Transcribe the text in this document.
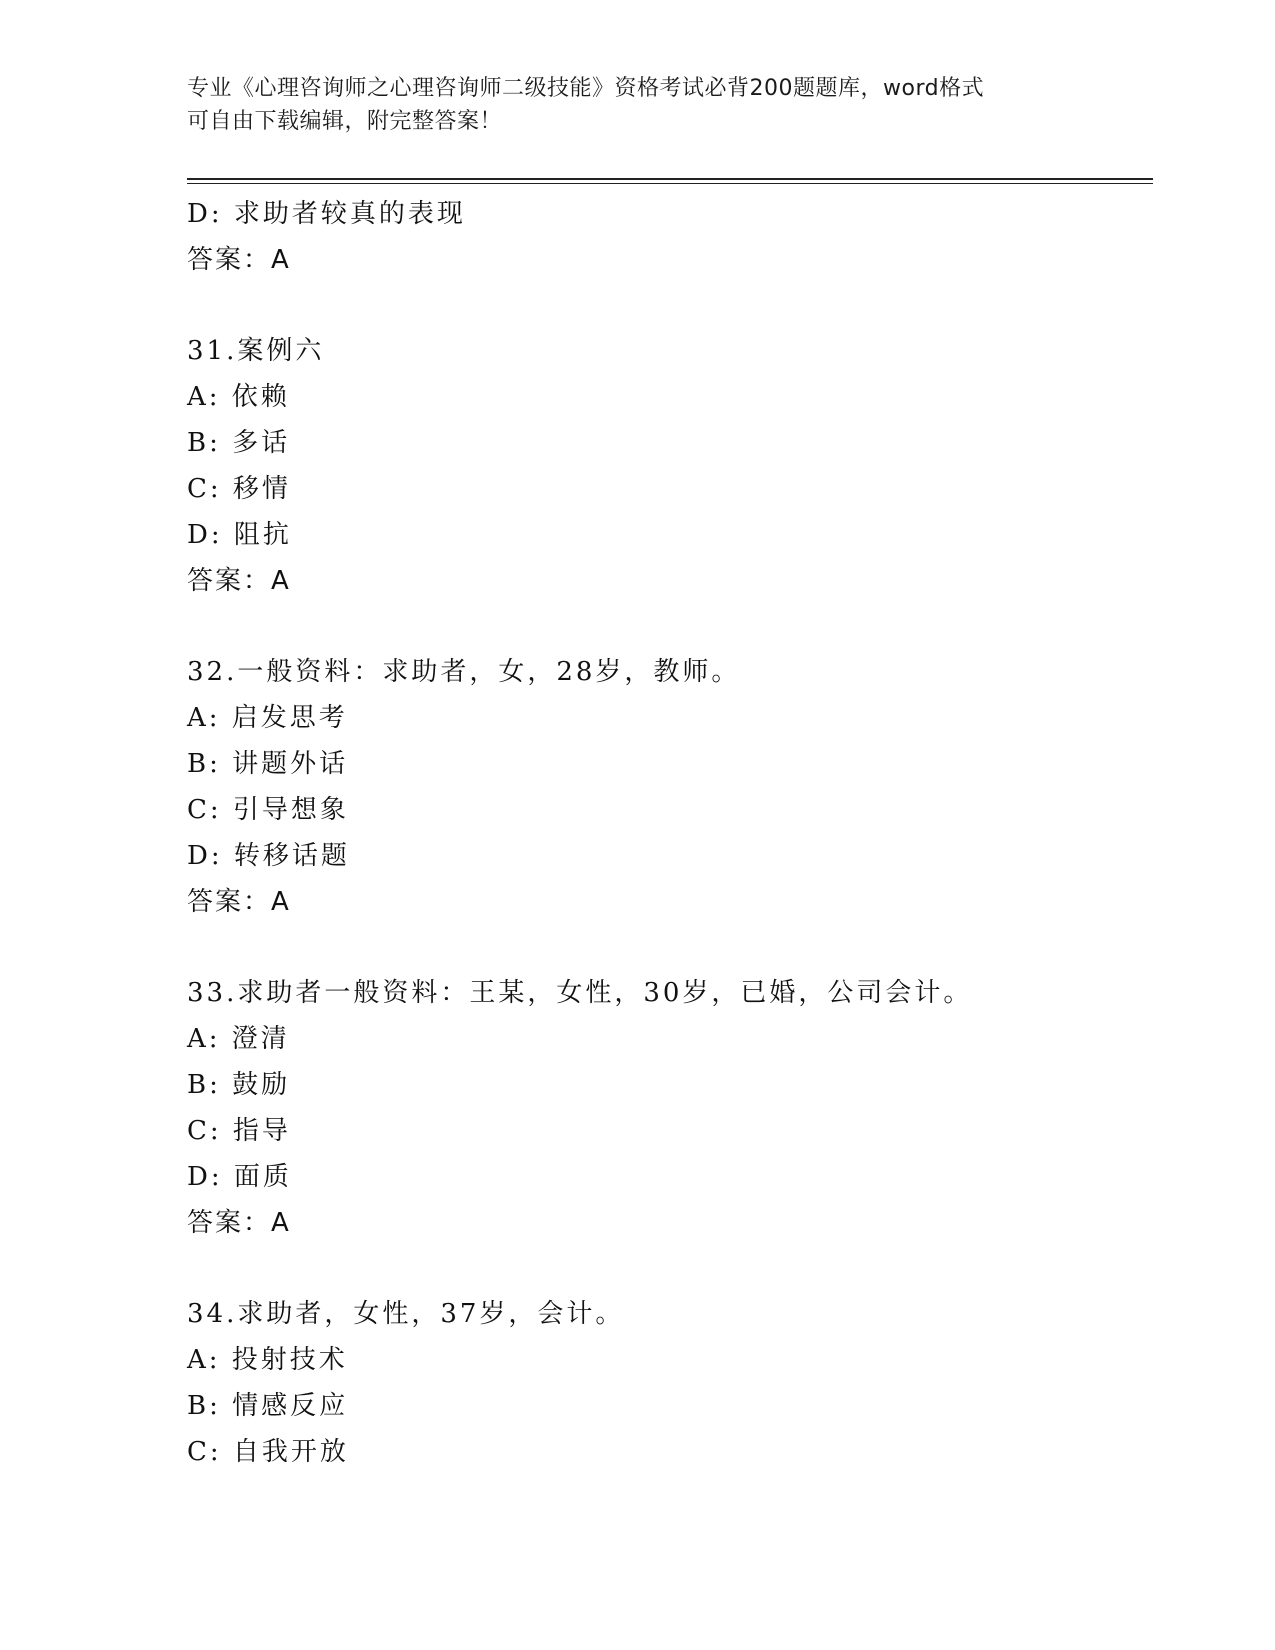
专业《心理咨询师之心理咨询师二级技能》资格考试必背200题题库，word格式
可自由下载编辑，附完整答案！
D: 求助者较真的表现
答案：A
31.案例六
A: 依赖
B: 多话
C: 移情
D: 阻抗
答案：A
32.一般资料：求助者，女，28岁，教师。
A: 启发思考
B: 讲题外话
C: 引导想象
D: 转移话题
答案：A
33.求助者一般资料：王某，女性，30岁，已婚，公司会计。
A: 澄清
B: 鼓励
C: 指导
D: 面质
答案：A
34.求助者，女性，37岁，会计。
A: 投射技术
B: 情感反应
C: 自我开放
